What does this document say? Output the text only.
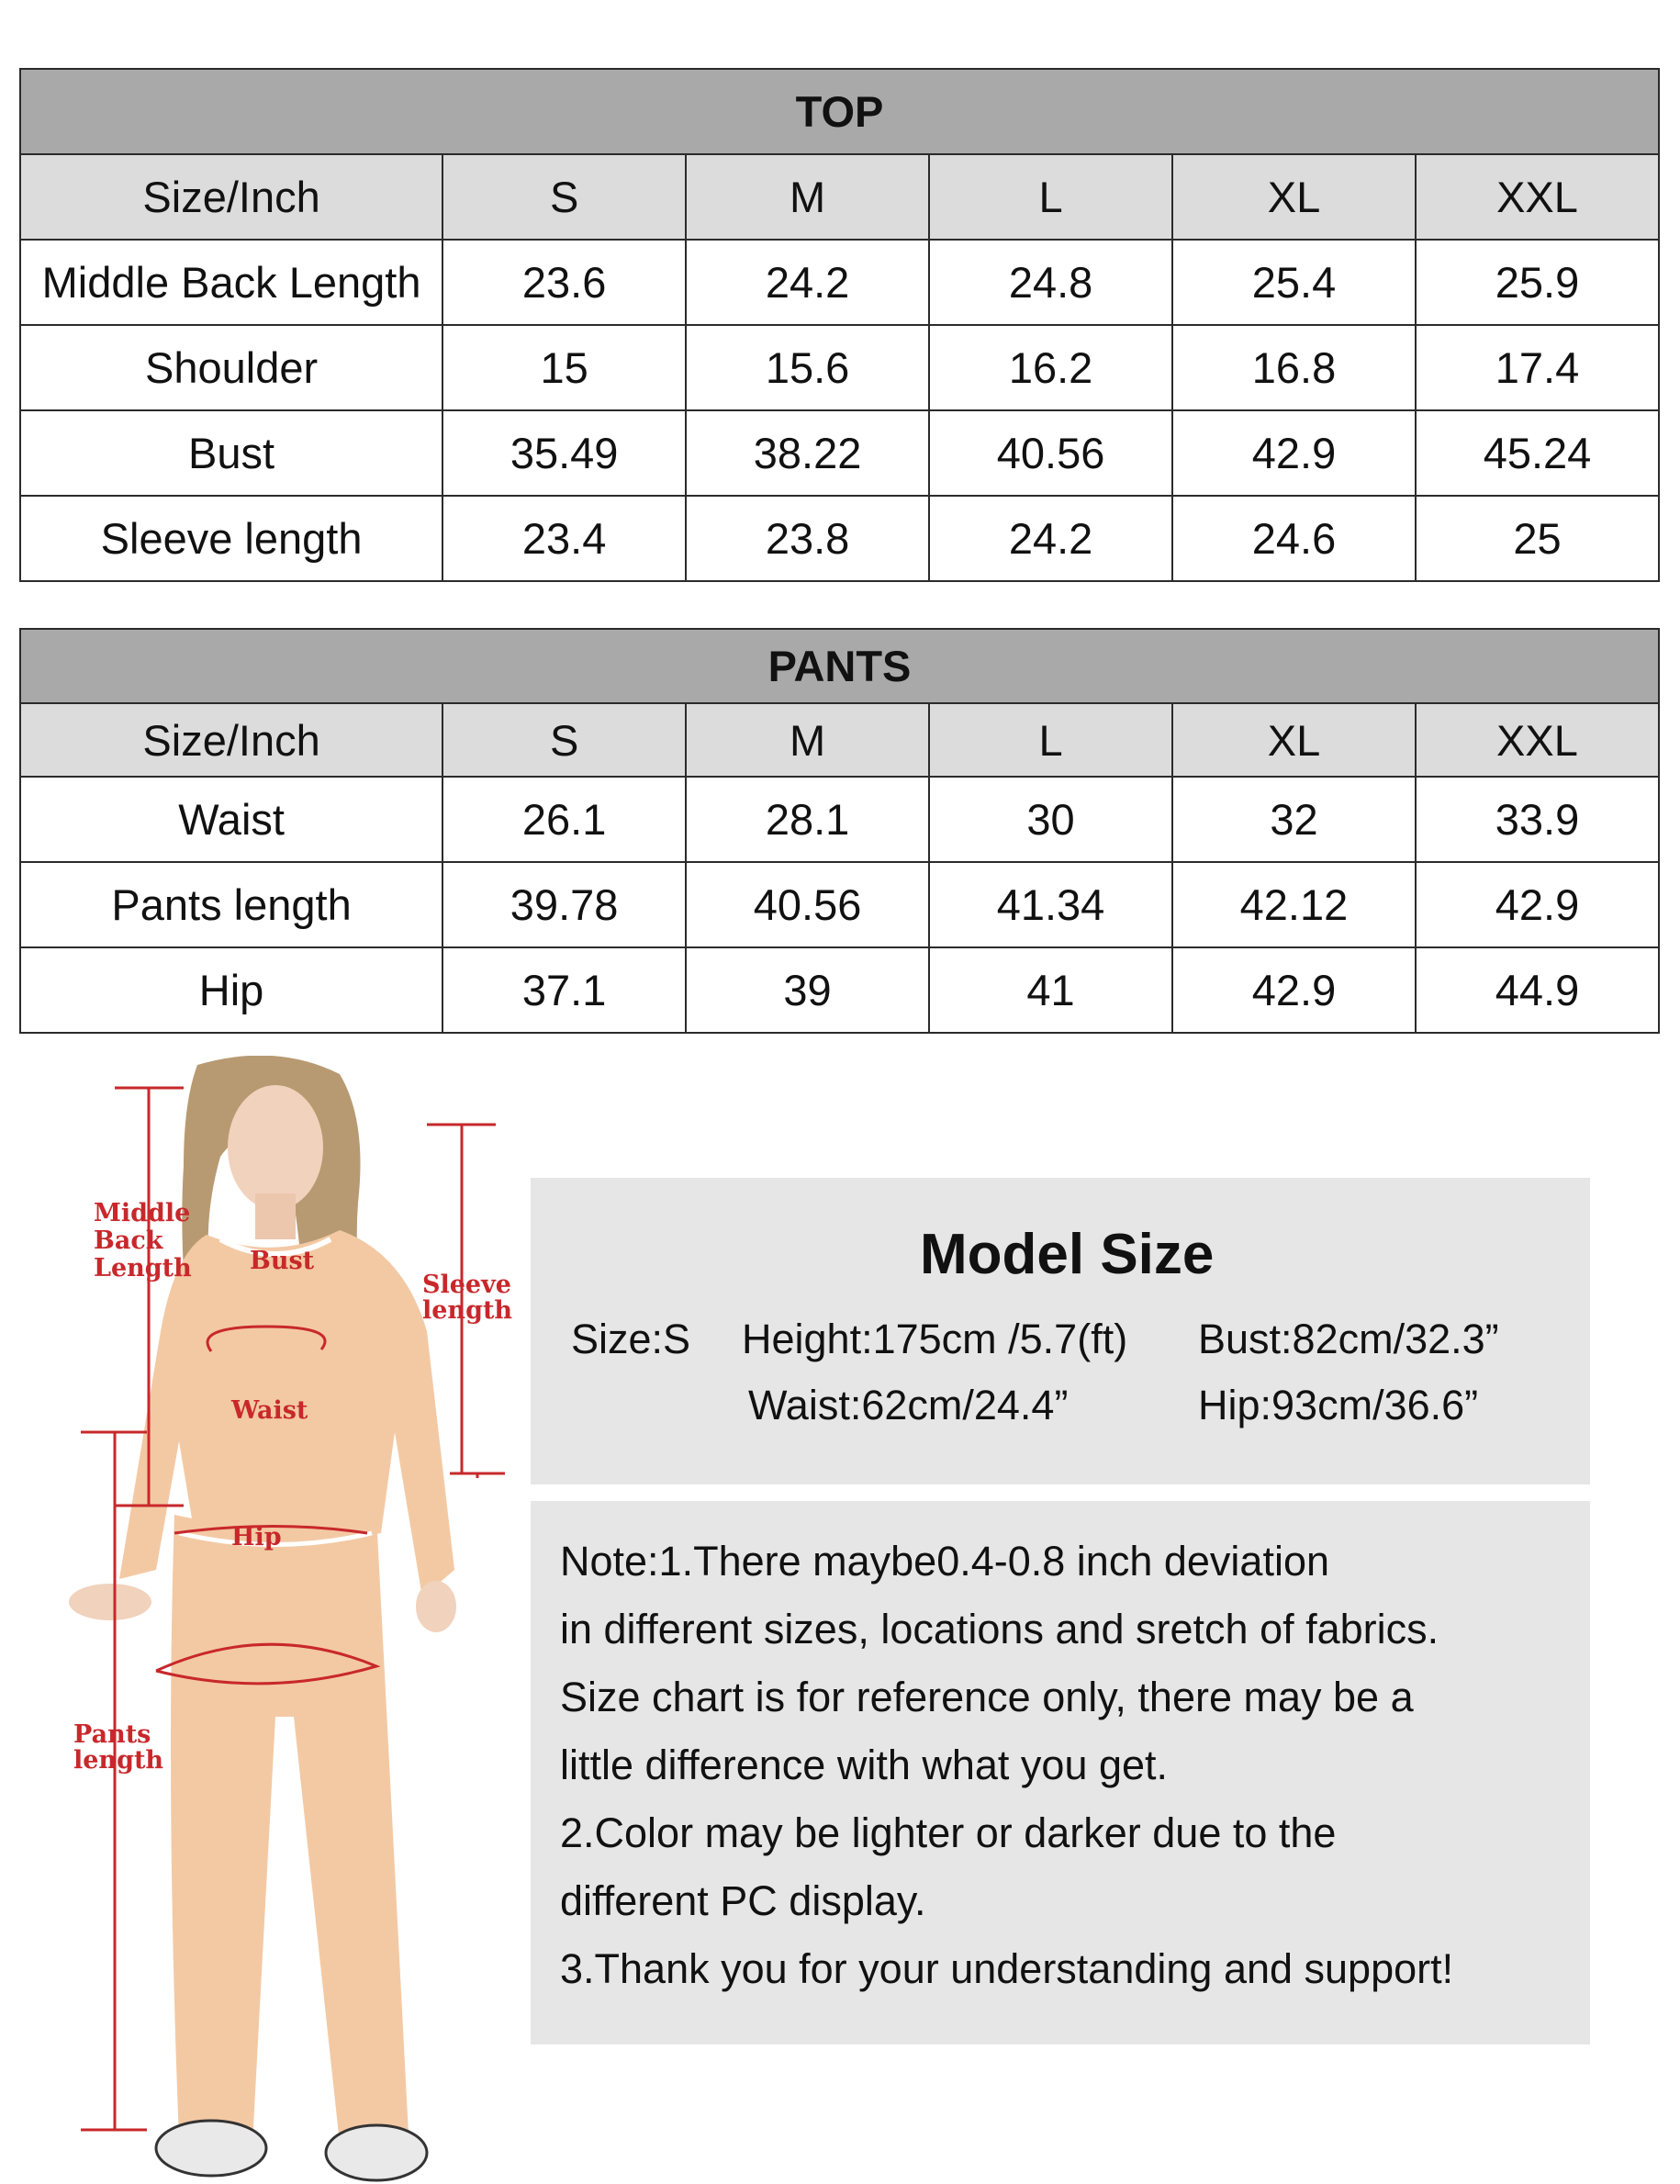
TOP					
Size/Inch	S	M	L	XL	XXL
Middle Back Length	23.6	24.2	24.8	25.4	25.9
Shoulder	15	15.6	16.2	16.8	17.4
Bust	35.49	38.22	40.56	42.9	45.24
Sleeve length	23.4	23.8	24.2	24.6	25
PANTS					
Size/Inch	S	M	L	XL	XXL
Waist	26.1	28.1	30	32	33.9
Pants length	39.78	40.56	41.34	42.12	42.9
Hip	37.1	39	41	42.9	44.9
Middle
Back
Length Bust
Sleeve
length
Waist
Hip
Pants
length
Model Size
Size:S Height:175cm /5.7(ft) Bust:82cm/32.3”
Waist:62cm/24.4”	Hip:93cm/36.6”
Note:1.There maybe0.4-0.8 inch deviation
in different sizes, locations and sretch of fabrics.
Size chart is for reference only, there may be a
little difference with what you get.
2.Color may be lighter or darker due to the
different PC display.
3.Thank you for your understanding and support!
